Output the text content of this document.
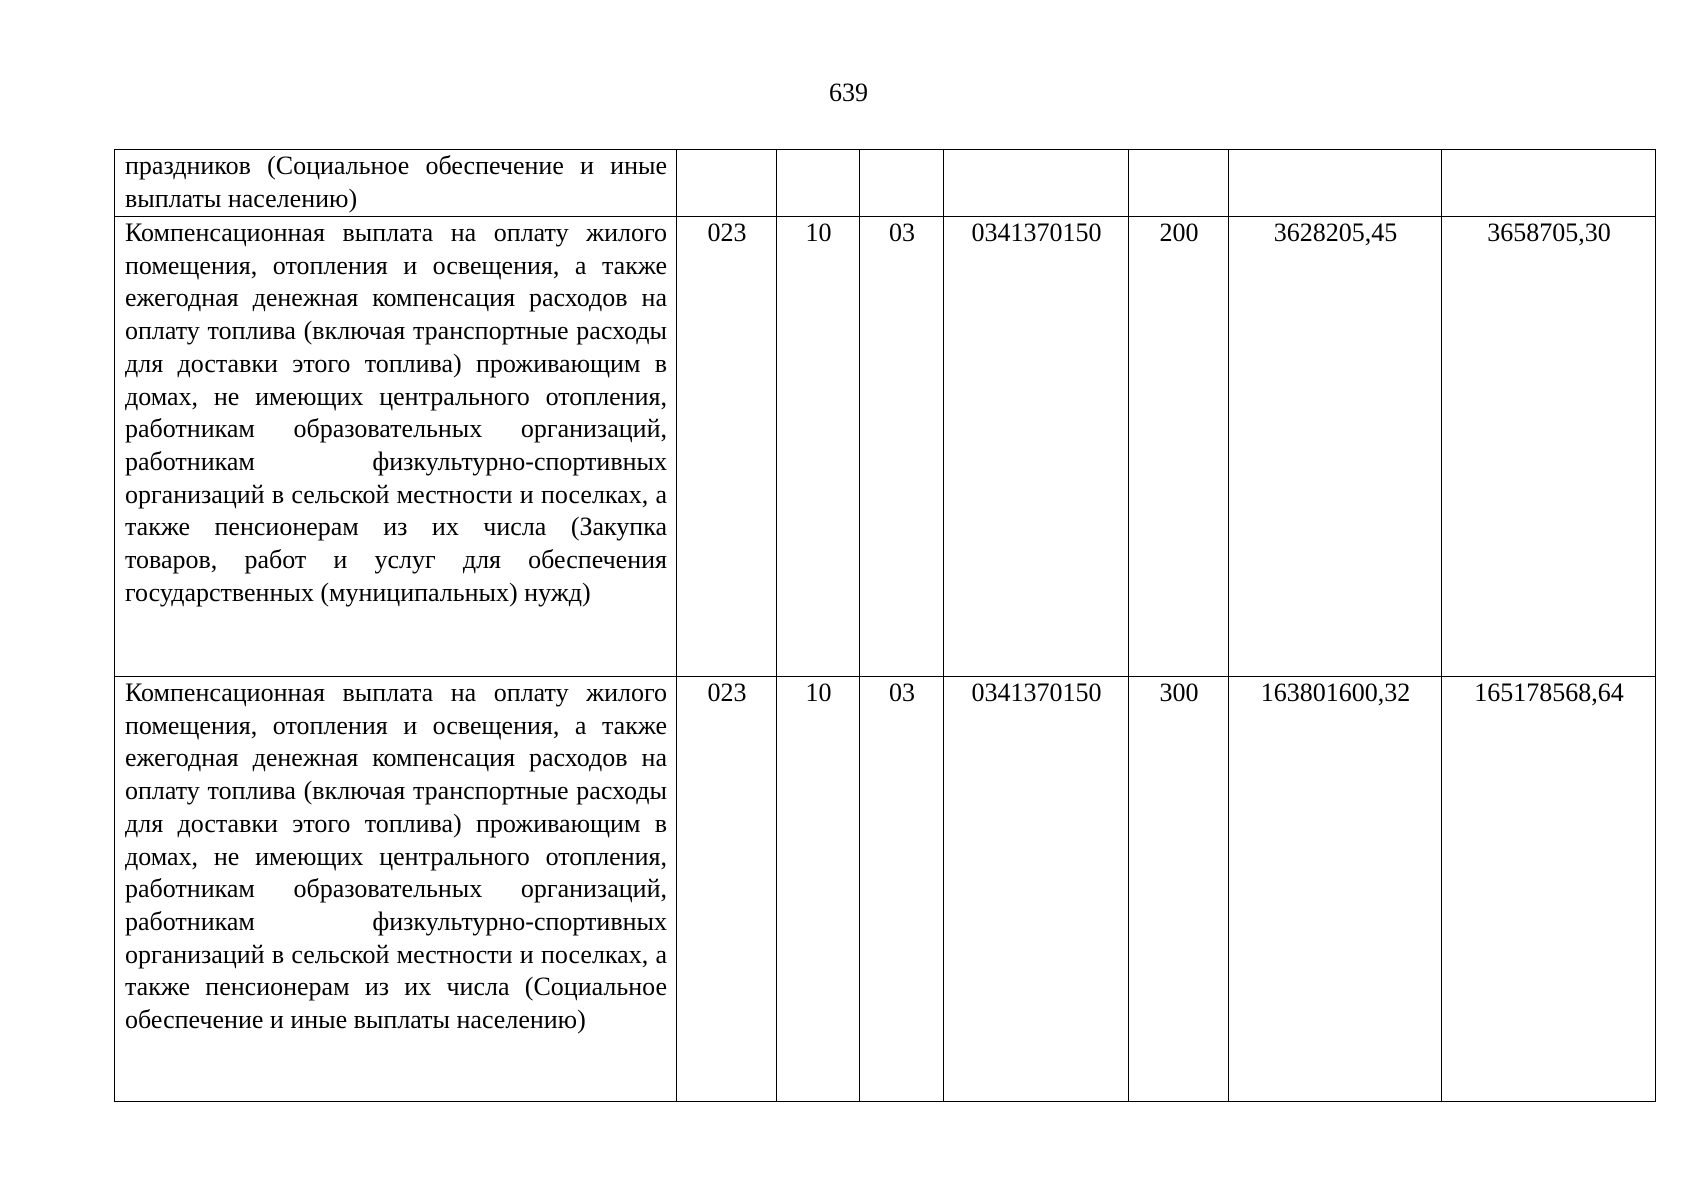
639
праздников (Социальное обеспечение и иные выплаты населению)							
Компенсационная выплата на оплату жилого помещения, отопления и освещения, а также ежегодная денежная компенсация расходов на оплату топлива (включая транспортные расходы для доставки этого топлива) проживающим в домах, не имеющих центрального отопления, работникам образовательных организаций, работникам физкультурно-спортивных организаций в сельской местности и поселках, а также пенсионерам из их числа (Закупка товаров, работ и услуг для обеспечения государственных (муниципальных) нужд)	023	10	03	0341370150	200	3628205,45	3658705,30
Компенсационная выплата на оплату жилого помещения, отопления и освещения, а также ежегодная денежная компенсация расходов на оплату топлива (включая транспортные расходы для доставки этого топлива) проживающим в домах, не имеющих центрального отопления, работникам образовательных организаций, работникам физкультурно-спортивных организаций в сельской местности и поселках, а также пенсионерам из их числа (Социальное обеспечение и иные выплаты населению)	023	10	03	0341370150	300	163801600,32	165178568,64
